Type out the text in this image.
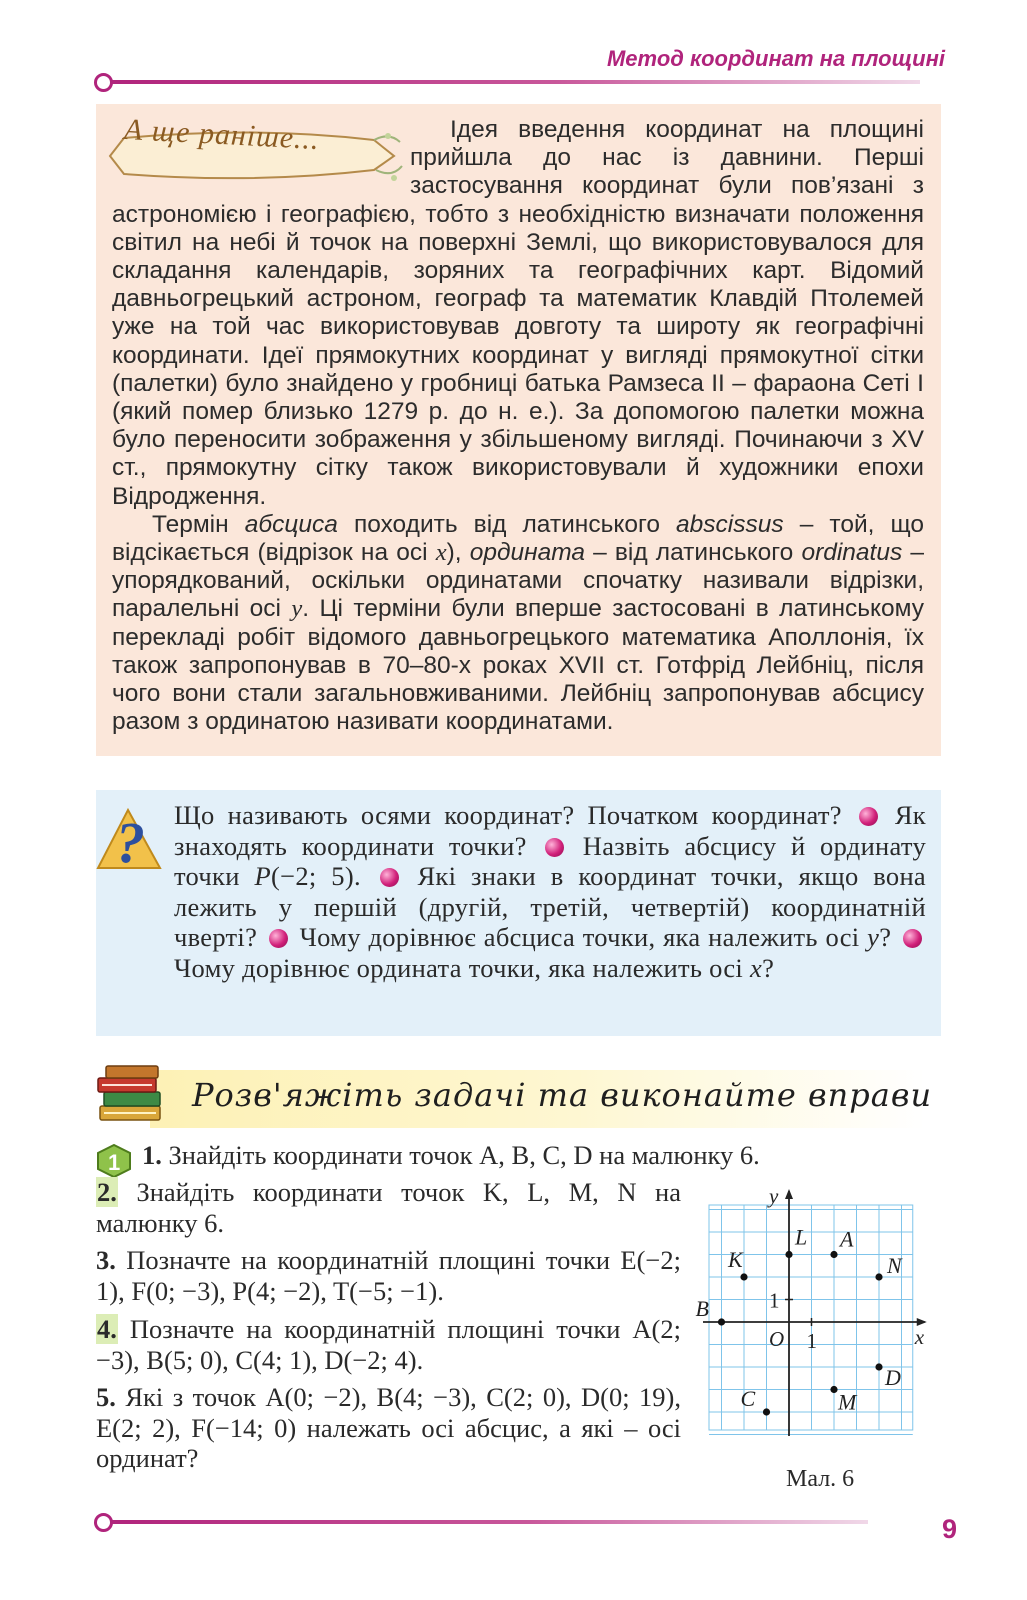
Метод координат на площині
А ще раніше...	Ідея введення координат на площині прийшла до нас із давнини. Перші застосування координат були пов’язані з астрономією і географією, тобто з необхідністю визначати положення світил на небі й точок на поверхні Землі, що використовувалося для складання календарів, зоряних та географічних карт. Відомий давньогрецький астроном, географ та математик Клавдій Птолемей уже на той час використовував довготу та широту як географічні координати. Ідеї прямокутних координат у вигляді прямокутної сітки (палетки) було знайдено у гробниці батька Рамзеса II – фараона Сеті I (який помер близько 1279 р. до н. е.). За допомогою палетки можна було переносити зображення у збільшеному вигляді. Починаючи з XV ст., прямокутну сітку також використовували й художники епохи Відродження.

Термін абсциса походить від латинського abscissus – той, що відсікається (відрізок на осі x), ордината – від латинського ordinatus – упорядкований, оскільки ординатами спочатку називали відрізки, паралельні осі y. Ці терміни були вперше застосовані в латинському перекладі робіт відомого давньогрецького математика Аполлонія, їх також запропонував в 70–80-х роках XVII ст. Готфрід Лейбніц, після чого вони стали загальновживаними. Лейбніц запропонував абсцису разом з ординатою називати координатами.

Що називають осями координат? Початком координат? Як знаходять координати точки? Назвіть абсцису й ординату точки P(−2; 5). Які знаки в координат точки, якщо вона лежить у першій (другій, третій, четвертій) координатній чверті? Чому дорівнює абсциса точки, яка належить осі y?  Чому дорівнює ордината точки, яка належить осі x?

?
Розв'яжіть задачі та виконайте вправи
1 1. Знайдіть координати точок A, B, C, D на малюнку 6.
2. Знайдіть координати точок K, L, M, N на малюнку 6.
3. Позначте на координатній площині точки E(−2; 1), F(0; −3), P(4; −2), T(−5; −1).
4. Позначте на координатній площині точки A(2; −3), B(5; 0), C(4; 1), D(−2; 4).
5. Які з точок A(0; −2), B(4; −3), C(2; 0), D(0; 19), E(2; 2), F(−14; 0) належать осі абсцис, а які – осі ординат?
x
y
O 1
1
A
B
C
D
K
L
M
N
Мал. 6
9
